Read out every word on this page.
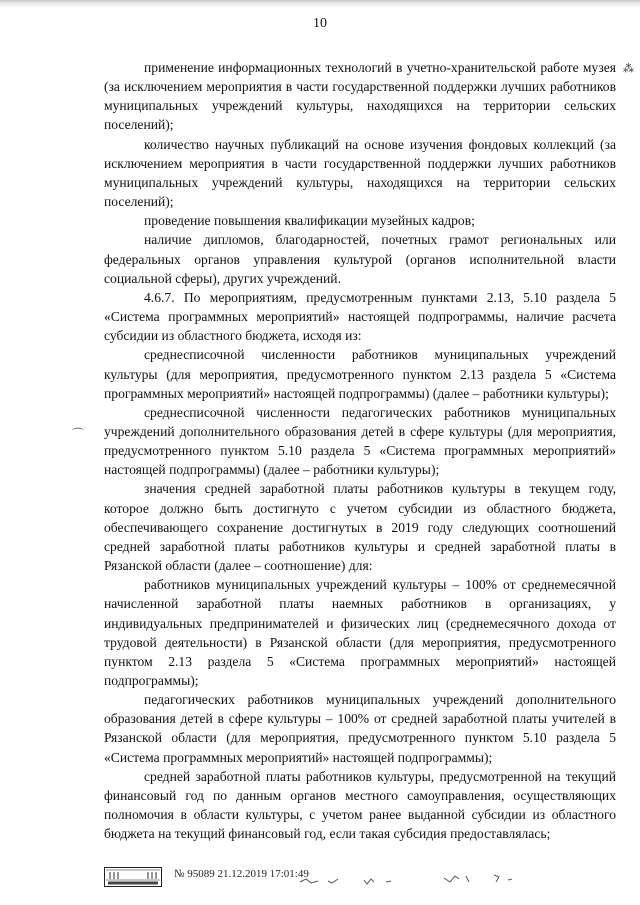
10
⁂
⌒

применение информационных технологий в учетно-хранительской работе музея (за исключением мероприятия в части государственной поддержки лучших работников муниципальных учреждений культуры, находящихся на территории сельских поселений);

количество научных публикаций на основе изучения фондовых коллекций (за исключением мероприятия в части государственной поддержки лучших работников муниципальных учреждений культуры, находящихся на территории сельских поселений);

проведение повышения квалификации музейных кадров;

наличие дипломов, благодарностей, почетных грамот региональных или федеральных органов управления культурой (органов исполнительной власти социальной сферы), других учреждений.

4.6.7. По мероприятиям, предусмотренным пунктами 2.13, 5.10 раздела 5 «Система программных мероприятий» настоящей подпрограммы, наличие расчета субсидии из областного бюджета, исходя из:

среднесписочной численности работников муниципальных учреждений культуры (для мероприятия, предусмотренного пунктом 2.13 раздела 5 «Система программных мероприятий» настоящей подпрограммы) (далее – работники культуры);

среднесписочной численности педагогических работников муниципальных учреждений дополнительного образования детей в сфере культуры (для мероприятия, предусмотренного пунктом 5.10 раздела 5 «Система программных мероприятий» настоящей подпрограммы) (далее – работники культуры);

значения средней заработной платы работников культуры в текущем году, которое должно быть достигнуто с учетом субсидии из областного бюджета, обеспечивающего сохранение достигнутых в 2019 году следующих соотношений средней заработной платы работников культуры и средней заработной платы в Рязанской области (далее – соотношение) для:

работников муниципальных учреждений культуры – 100% от среднемесячной начисленной заработной платы наемных работников в организациях, у индивидуальных предпринимателей и физических лиц (среднемесячного дохода от трудовой деятельности) в Рязанской области (для мероприятия, предусмотренного пунктом 2.13 раздела 5 «Система программных мероприятий» настоящей подпрограммы);

педагогических работников муниципальных учреждений дополнительного образования детей в сфере культуры – 100% от средней заработной платы учителей в Рязанской области (для мероприятия, предусмотренного пунктом 5.10 раздела 5 «Система программных мероприятий» настоящей подпрограммы);

средней заработной платы работников культуры, предусмотренной на текущий финансовый год по данным органов местного самоуправления, осуществляющих полномочия в области культуры, с учетом ранее выданной субсидии из областного бюджета на текущий финансовый год, если такая субсидия предоставлялась;

№ 95089 21.12.2019 17:01:49
